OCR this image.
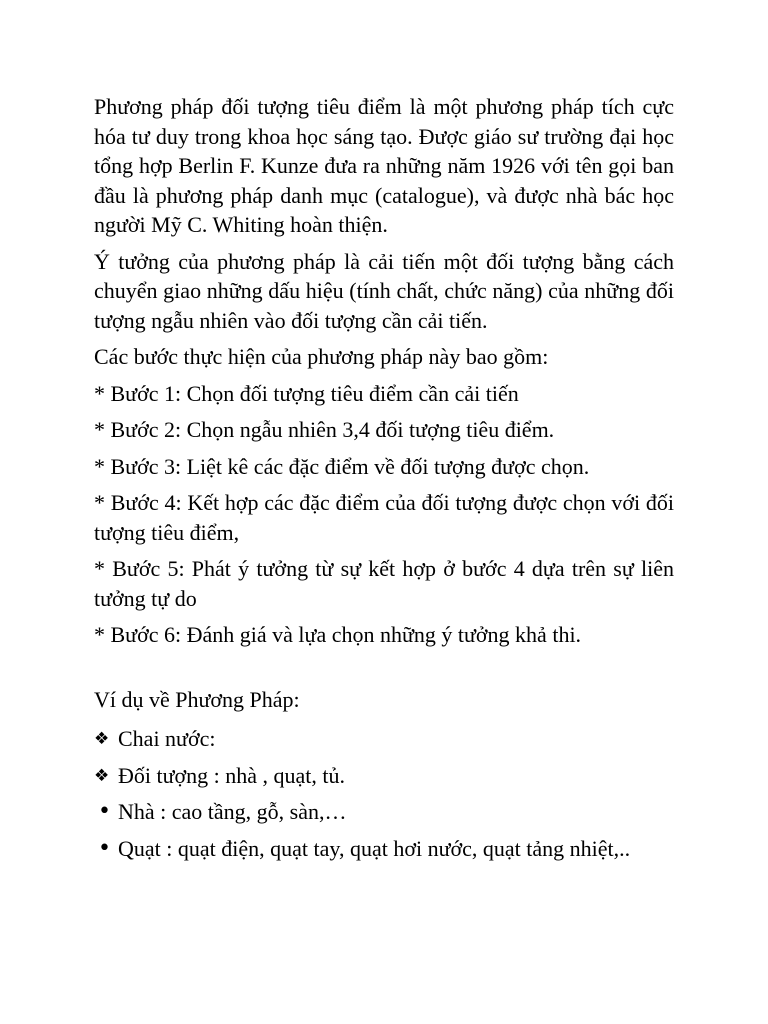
Phương pháp đối tượng tiêu điểm là một phương pháp tích cực hóa tư duy trong khoa học sáng tạo. Được giáo sư trường đại học tổng hợp Berlin F. Kunze đưa ra những năm 1926 với tên gọi ban đầu là phương pháp danh mục (catalogue), và được nhà bác học người Mỹ C. Whiting hoàn thiện.

Ý tưởng của phương pháp là cải tiến một đối tượng bằng cách chuyển giao những dấu hiệu (tính chất, chức năng) của những đối tượng ngẫu nhiên vào đối tượng cần cải tiến.

Các bước thực hiện của phương pháp này bao gồm:

* Bước 1: Chọn đối tượng tiêu điểm cần cải tiến

* Bước 2: Chọn ngẫu nhiên 3,4 đối tượng tiêu điểm.

* Bước 3: Liệt kê các đặc điểm về đối tượng được chọn.

* Bước 4: Kết hợp các đặc điểm của đối tượng được chọn với đối tượng tiêu điểm,

* Bước 5: Phát ý tưởng từ sự kết hợp ở bước 4 dựa trên sự liên tưởng tự do

* Bước 6: Đánh giá và lựa chọn những ý tưởng khả thi.

Ví dụ về Phương Pháp:

❖ Chai nước:
❖ Đối tượng : nhà , quạt, tủ.
• Nhà : cao tầng, gỗ, sàn,…
• Quạt : quạt điện, quạt tay, quạt hơi nước, quạt tảng nhiệt,..
